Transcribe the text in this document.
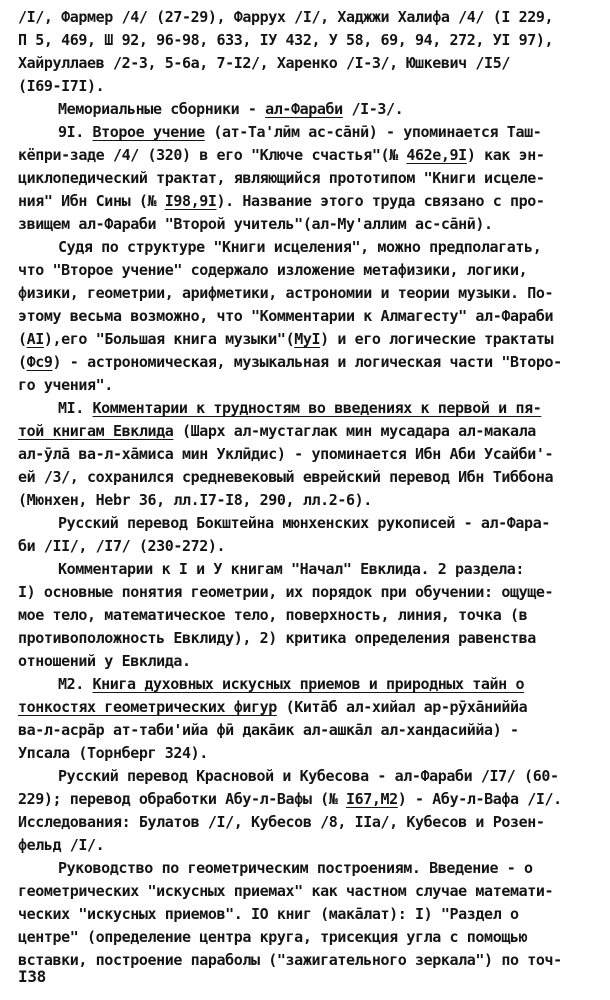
/I/, Фармер /4/ (27-29), Фаррух /I/, Хаджжи Халифа /4/ (I 229,
П 5, 469, Ш 92, 96-98, 633, IУ 432, У 58, 69, 94, 272, УI 97),
Хайруллаев /2-3, 5-6а, 7-I2/, Харенко /I-3/, Юшкевич /I5/
(I69-I7I).
Мемориальные сборники - ал-Фараби /I-3/.
9I. Второе учение (ат-Та'лӣм ас-са̄нӣ) - упоминается Таш-
кёпри-заде /4/ (320) в его "Ключе счастья"(№ 462е,9I) как эн-
циклопедический трактат, являющийся прототипом "Книги исцеле-
ния" Ибн Сины (№ I98,9I). Название этого труда связано с про-
звищем ал-Фараби "Второй учитель"(ал-Му'аллим ас-са̄нӣ).
Судя по структуре "Книги исцеления", можно предполагать,
что "Второе учение" содержало изложение метафизики, логики,
физики, геометрии, арифметики, астрономии и теории музыки. По-
этому весьма возможно, что "Комментарии к Алмагесту" ал-Фараби
(АI),его "Большая книга музыки"(МуI) и его логические трактаты
(Фс9) - астрономическая, музыкальная и логическая части "Второ-
го учения".
МI. Комментарии к трудностям во введениях к первой и пя-
той книгам Евклида (Шарх ал-мустаглак мин мусадара ал-макала
ал-ӯла̄ ва-л-ха̄миса мин Уклӣдис) - упоминается Ибн Аби Усайби'-
ей /3/, сохранился средневековый еврейский перевод Ибн Тиббона
(Мюнхен, Hebr 36, лл.I7-I8, 290, лл.2-6).
Русский перевод Бокштейна мюнхенских рукописей - ал-Фара-
би /II/, /I7/ (230-272).
Комментарии к I и У книгам "Начал" Евклида. 2 раздела:
I) основные понятия геометрии, их порядок при обучении: ощуще-
мое тело, математическое тело, поверхность, линия, точка (в
противоположность Евклиду), 2) критика определения равенства
отношений у Евклида.
М2. Книга духовных искусных приемов и природных тайн о
тонкостях геометрических фигур (Кита̄б ал-хийал ар-рӯха̄ниййа
ва-л-асра̄р ат-таби'ийа фӣ дака̄ик ал-ашка̄л ал-хандасиййа) -
Упсала (Торнберг 324).
Русский перевод Красновой и Кубесова - ал-Фараби /I7/ (60-
229); перевод обработки Абу-л-Вафы (№ I67,М2) - Абу-л-Вафа /I/.
Исследования: Булатов /I/, Кубесов /8, IIа/, Кубесов и Розен-
фельд /I/.
Руководство по геометрическим построениям. Введение - о
геометрических "искусных приемах" как частном случае математи-
ческих "искусных приемов". IO книг (мака̄лат): I) "Раздел о
центре" (определение центра круга, трисекция угла с помощью
вставки, построение параболы ("зажигательного зеркала") по точ-
I38
